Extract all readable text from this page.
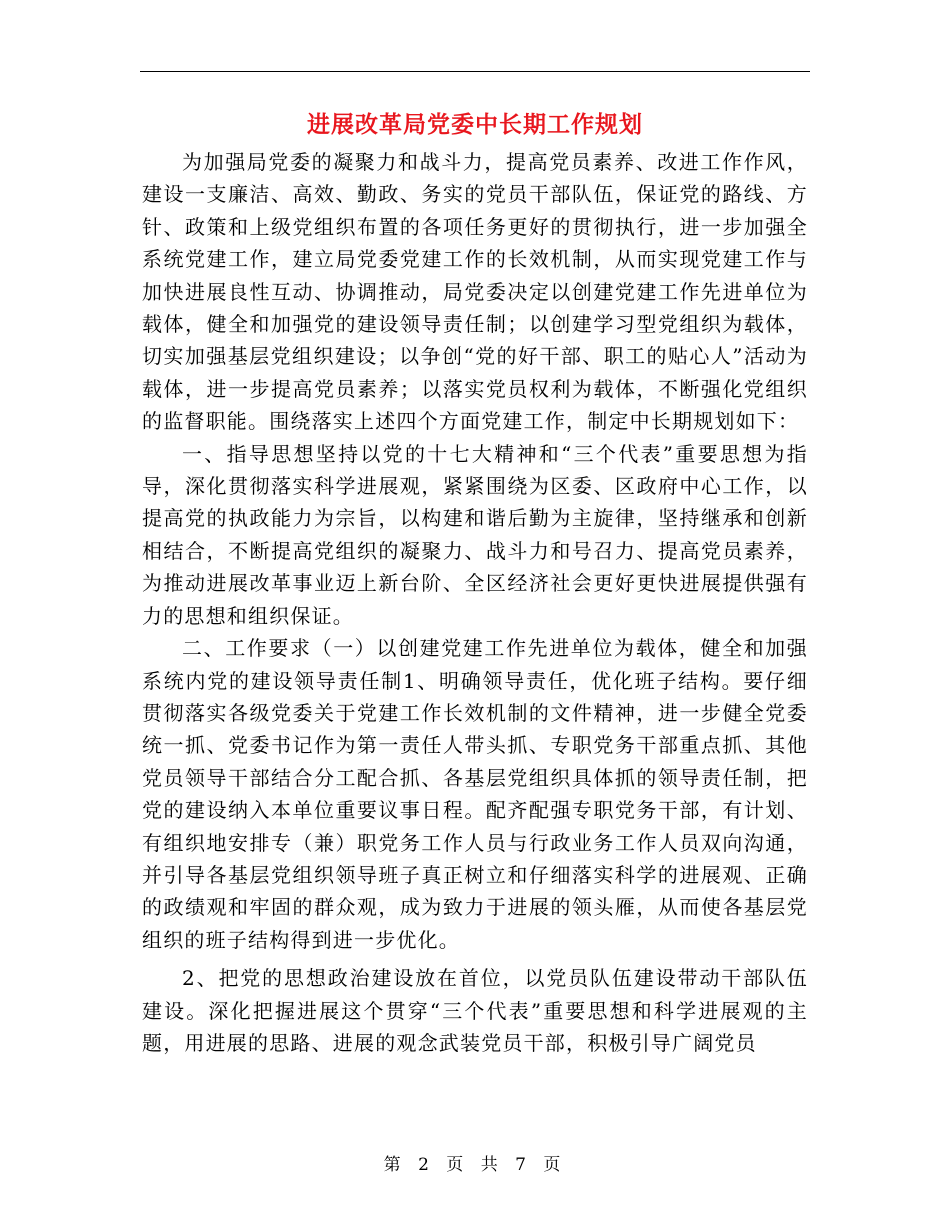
进展改革局党委中长期工作规划

为加强局党委的凝聚力和战斗力，提高党员素养、改进工作作风，建设一支廉洁、高效、勤政、务实的党员干部队伍，保证党的路线、方针、政策和上级党组织布置的各项任务更好的贯彻执行，进一步加强全系统党建工作，建立局党委党建工作的长效机制，从而实现党建工作与加快进展良性互动、协调推动，局党委决定以创建党建工作先进单位为载体，健全和加强党的建设领导责任制；以创建学习型党组织为载体，切实加强基层党组织建设；以争创“党的好干部、职工的贴心人”活动为载体，进一步提高党员素养；以落实党员权利为载体，不断强化党组织的监督职能。围绕落实上述四个方面党建工作，制定中长期规划如下：

一、指导思想坚持以党的十七大精神和“三个代表”重要思想为指导，深化贯彻落实科学进展观，紧紧围绕为区委、区政府中心工作，以提高党的执政能力为宗旨，以构建和谐后勤为主旋律，坚持继承和创新相结合，不断提高党组织的凝聚力、战斗力和号召力、提高党员素养，为推动进展改革事业迈上新台阶、全区经济社会更好更快进展提供强有力的思想和组织保证。

二、工作要求（一）以创建党建工作先进单位为载体，健全和加强系统内党的建设领导责任制1、明确领导责任，优化班子结构。要仔细贯彻落实各级党委关于党建工作长效机制的文件精神，进一步健全党委统一抓、党委书记作为第一责任人带头抓、专职党务干部重点抓、其他党员领导干部结合分工配合抓、各基层党组织具体抓的领导责任制，把党的建设纳入本单位重要议事日程。配齐配强专职党务干部，有计划、有组织地安排专（兼）职党务工作人员与行政业务工作人员双向沟通，并引导各基层党组织领导班子真正树立和仔细落实科学的进展观、正确的政绩观和牢固的群众观，成为致力于进展的领头雁，从而使各基层党组织的班子结构得到进一步优化。

2、把党的思想政治建设放在首位，以党员队伍建设带动干部队伍建设。深化把握进展这个贯穿“三个代表”重要思想和科学进展观的主题，用进展的思路、进展的观念武装党员干部，积极引导广阔党员

第 2 页 共 7 页
